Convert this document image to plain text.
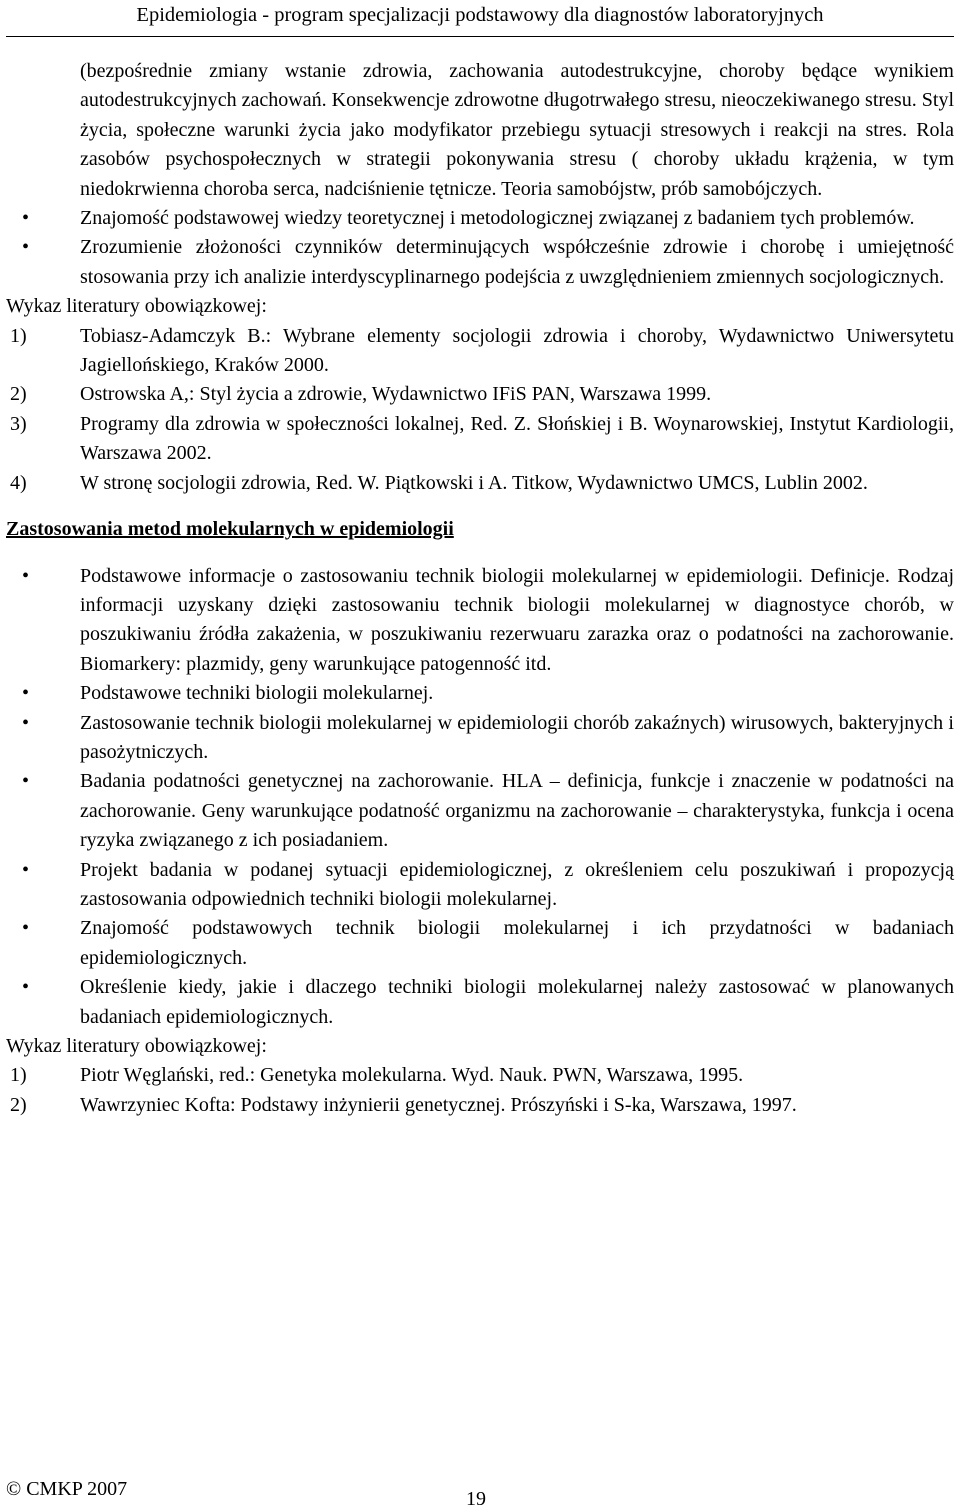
Epidemiologia - program specjalizacji podstawowy dla diagnostów laboratoryjnych
(bezpośrednie zmiany wstanie zdrowia, zachowania autodestrukcyjne, choroby będące wynikiem autodestrukcyjnych zachowań. Konsekwencje zdrowotne długotrwałego stresu, nieoczekiwanego stresu. Styl życia, społeczne warunki życia jako modyfikator przebiegu sytuacji stresowych i reakcji na stres. Rola zasobów psychospołecznych w strategii pokonywania stresu ( choroby układu krążenia, w tym niedokrwienna choroba serca, nadciśnienie tętnicze. Teoria samobójstw, prób samobójczych.
• Znajomość podstawowej wiedzy teoretycznej i metodologicznej związanej z badaniem tych problemów.
• Zrozumienie złożoności czynników determinujących współcześnie zdrowie i chorobę i umiejętność stosowania przy ich analizie interdyscyplinarnego podejścia z uwzględnieniem zmiennych socjologicznych.

Wykaz literatury obowiązkowej:

1)	Tobiasz-Adamczyk B.: Wybrane elementy socjologii zdrowia i choroby, Wydawnictwo Uniwersytetu Jagiellońskiego, Kraków 2000.
2)	Ostrowska A,: Styl życia a zdrowie, Wydawnictwo IFiS PAN, Warszawa 1999.
3)	Programy dla zdrowia w społeczności lokalnej, Red. Z. Słońskiej i B. Woynarowskiej, Instytut Kardiologii, Warszawa 2002.
4)	W stronę socjologii zdrowia, Red. W. Piątkowski i A. Titkow, Wydawnictwo UMCS, Lublin 2002.

Zastosowania metod molekularnych w epidemiologii

• Podstawowe informacje o zastosowaniu technik biologii molekularnej w epidemiologii. Definicje. Rodzaj informacji uzyskany dzięki zastosowaniu technik biologii molekularnej w diagnostyce chorób, w poszukiwaniu źródła zakażenia, w poszukiwaniu rezerwuaru zarazka oraz o podatności na zachorowanie. Biomarkery: plazmidy, geny warunkujące patogenność itd.
• Podstawowe techniki biologii molekularnej.
• Zastosowanie technik biologii molekularnej w epidemiologii chorób zakaźnych) wirusowych, bakteryjnych i pasożytniczych.
• Badania podatności genetycznej na zachorowanie. HLA – definicja, funkcje i znaczenie w podatności na zachorowanie. Geny warunkujące podatność organizmu na zachorowanie – charakterystyka, funkcja i ocena ryzyka związanego z ich posiadaniem.
• Projekt badania w podanej sytuacji epidemiologicznej, z określeniem celu poszukiwań i propozycją zastosowania odpowiednich techniki biologii molekularnej.
• Znajomość podstawowych technik biologii molekularnej i ich przydatności w badaniach epidemiologicznych.
• Określenie kiedy, jakie i dlaczego techniki biologii molekularnej należy zastosować w planowanych badaniach epidemiologicznych.

Wykaz literatury obowiązkowej:

1)	Piotr Węglański, red.: Genetyka molekularna. Wyd. Nauk. PWN, Warszawa, 1995.
2)	Wawrzyniec Kofta: Podstawy inżynierii genetycznej. Prószyński i S-ka, Warszawa, 1997.
© CMKP 2007	19
